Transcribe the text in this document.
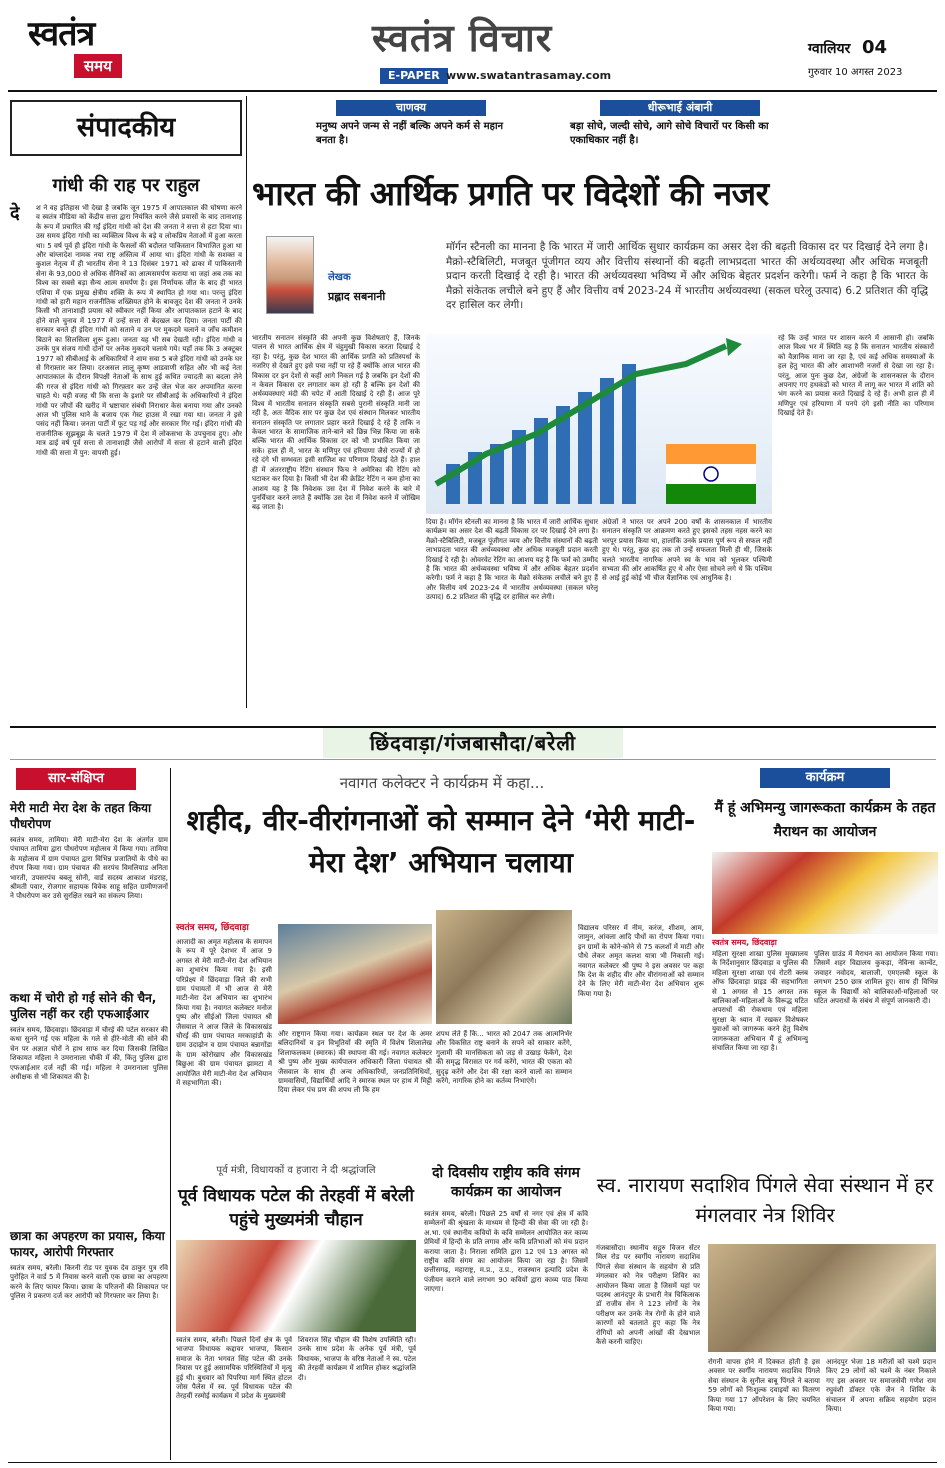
स्वतंत्र
समय
स्वतंत्र विचार
E-PAPER www.swatantrasamay.com
ग्वालियर 04
गुरुवार 10 अगस्त 2023
संपादकीय
गांधी की राह पर राहुल
दे	श ने वह इतिहास भी देखा है जबकि जून 1975 में आपातकाल की घोषणा करने व स्वतंत्र मीडिया को केंद्रीय सत्ता द्वारा नियंत्रित करने जैसे प्रयासों के बाद तानाशाह के रूप में प्रचारित की गईं इंदिरा गांधी को देश की जनता ने सत्ता से हटा दिया था। उस समय इंदिरा गांधी का व्यक्तित्व विश्व के बड़े व लोकप्रिय नेताओं में हुआ करता था। 5 वर्ष पूर्व ही इंदिरा गांधी के फैसलों की बदौलत पाकिस्तान विभाजित हुआ था और बांग्लादेश नामक नया राष्ट्र अस्तित्व में आया था। इंदिरा गांधी के सशक्त व कुशल नेतृत्व में ही भारतीय सेना ने 13 दिसंबर 1971 को ढाका में पाकिस्तानी सेना के 93,000 से अधिक सैनिकों का आत्मसमर्पण कराया था जहां अब तक का विश्व का सबसे बड़ा सैन्य आत्म समर्पण है। इस निर्णायक जीत के बाद ही भारत एशिया में एक प्रमुख क्षेत्रीय शक्ति के रूप में स्थापित हो गया था। परन्तु इंदिरा गांधी को हारी महान राजनीतिक शख्सियत होने के बावजूद देश की जनता ने उनके किसी भी तानाशाही प्रयास को स्वीकार नहीं किया और आपातकाल हटाने के बाद होने वाले चुनाव में 1977 में उन्हें सत्ता से बेदखल कर दिया। जनता पार्टी की सरकार बनते ही इंदिरा गांधी को सताने व उन पर मुकदमे चलाने व जाँच कमीशन बिठाने का सिलसिला शुरू हुआ। जनता यह भी सब देखती रही। इंदिरा गांधी व उनके पुत्र संजय गांधी दोनों पर अनेक मुकदमे चलाये गये। यहाँ तक कि 3 अक्टूबर 1977 को सीबीआई के अधिकारियों ने शाम सवा 5 बजे इंदिरा गांधी को उनके घर से गिरफ़्तार कर लिया। दरअसल लालू कृष्ण आडवाणी सहित और भी कई नेता आपातकाल के दौरान विपक्षी नेताओं के साथ हुई कथित ज्यादती का बदला लेने की गरज से इंदिरा गांधी को गिरफ़्तार कर उन्हें जेल भेज कर अपमानित करना चाहते थे। यही वजह थी कि सत्ता के इशारे पर सीबीआई के अधिकारियों ने इंदिरा गांधी पर जीपों की खरीद में भ्रष्टाचार संबंधी निराधार केस बनाया गया और उनको आज भी पुलिस थाने के बजाय एक गेस्ट हाउस में रखा गया था। जनता ने इसे पसंद नहीं किया। जनता पार्टी में फूट पड़ गई और सरकार गिर गई। इंदिरा गांधी की राजनीतिक सूझबूझ के चलते 1979 में देश में लोकसभा के उपचुनाव हुए। और मात्र ढाई वर्ष पूर्व सत्ता से तानाशाही जैसे आरोपों में सत्ता से हटाने वाली इंदिरा गांधी की सत्ता में पुन: वापसी हुई।
चाणक्य
मनुष्य अपने जन्म से नहीं बल्कि अपने कर्म से महान बनता है।
धीरूभाई अंबानी
बड़ा सोचे, जल्दी सोचे, आगे सोचे विचारों पर किसी का एकाधिकार नहीं है।
भारत की आर्थिक प्रगति पर विदेशों की नजर
लेखक
प्रह्लाद सबनानी
मॉर्गन स्टैनली का मानना है कि भारत में जारी आर्थिक सुधार कार्यक्रम का असर देश की बढ़ती विकास दर पर दिखाई देने लगा है। मैक्रो-स्टैबिलिटी, मजबूत पूंजीगत व्यय और वित्तीय संस्थानों की बढ़ती लाभप्रदता भारत की अर्थव्यवस्था और अधिक मजबूती प्रदान करती दिखाई दे रही है। भारत की अर्थव्यवस्था भविष्य में और अधिक बेहतर प्रदर्शन करेगी। फर्म ने कहा है कि भारत के मैक्रो संकेतक लचीले बने हुए हैं और वित्तीय वर्ष 2023-24 में भारतीय अर्थव्यवस्था (सकल घरेलू उत्पाद) 6.2 प्रतिशत की वृद्धि दर हासिल कर लेगी।
भारतीय सनातन संस्कृति की अपनी कुछ विशेषताएं हैं, जिनके पालन से भारत आर्थिक क्षेत्र में चंहुमुखी विकास करता दिखाई दे रहा है। परंतु, कुछ देश भारत की आर्थिक प्रगति को प्रतिस्पर्धा के नजरिए से देखते हुए इसे पचा नहीं पा रहे हैं क्योंकि आज भारत की विकास दर इन देशों से कहीं आगे निकल गई है जबकि इन देशों की न केवल विकास दर लगातार कम हो रही है बल्कि इन देशों की अर्थव्यवस्थाएं मंदी की चपेट में आती दिखाई दे रही हैं। आज पूरे विश्व में भारतीय सनातन संस्कृति सबसे पुरानी संस्कृति मानी जा रही है, अतः वैदिक सार पर कुछ देश एवं संस्थान मिलकर भारतीय सनातन संस्कृति पर लगातार प्रहार करते दिखाई दे रहे हैं ताकि न केवल भारत के सामाजिक ताने-बाने को छिन्न भिन्न किया जा सके बल्कि भारत की आर्थिक विकास दर को भी प्रभावित किया जा सके। हाल ही में, भारत के मणिपुर एवं हरियाणा जैसे राज्यों में हो रहे दंगे भी सम्भवतः इसी साजिश का परिणाम दिखाई देते हैं। हाल ही में अंतरराष्ट्रीय रेटिंग संस्थान फिच ने अमेरिका की रेटिंग को घटाकर कर दिया है। किसी भी देश की क्रेडिट रेटिंग न कम होना का आशय यह है कि निवेशक उस देश में निवेश करने के बारे में पुनर्विचार करने लगते हैं क्योंकि उस देश में निवेश करने में जोखिम बढ़ जाता है।
दिया है। मॉर्गन स्टैनली का मानना है कि भारत में जारी आर्थिक सुधार कार्यक्रम का असर देश की बढ़ती विकास दर पर दिखाई देने लगा है। मैक्रो-स्टैबिलिटी, मजबूत पूंजीगत व्यय और वित्तीय संस्थानों की बढ़ती लाभप्रदता भारत की अर्थव्यवस्था और अधिक मजबूती प्रदान करती दिखाई दे रही है। ओवरवेट रेटिंग का आशय यह है कि फर्म को उम्मीद है कि भारत की अर्थव्यवस्था भविष्य में और अधिक बेहतर प्रदर्शन करेगी। फर्म ने कहा है कि भारत के मैक्रो संकेतक लचीले बने हुए हैं और वित्तीय वर्ष 2023-24 में भारतीय अर्थव्यवस्था (सकल घरेलू उत्पाद) 6.2 प्रतिशत की वृद्धि दर हासिल कर लेगी।
अंग्रेजों ने भारत पर अपने 200 वर्षों के शासनकाल में भारतीय सनातन संस्कृति पर आक्रमण करते हुए इसको तहस नहस करने का भरपूर प्रयास किया था, हालांकि उनके प्रयास पूर्ण रूप से सफल नहीं हुए थे। परंतु, कुछ हद तक तो उन्हें सफलता मिली ही थी, जिसके चलते भारतीय नागरिक अपने स्व के भाव को भूलकर पश्चिमी सभ्यता की ओर आकर्षित हुए थे और ऐसा सोचने लगे थे कि पश्चिम से आई हुई कोई भी चीज वैज्ञानिक एवं आधुनिक है।
रहे कि उन्हें भारत पर शासन करने में आसानी हो। जबकि आज विश्व भर में स्थिति यह है कि सनातन भारतीय संस्कारों को वैज्ञानिक माना जा रहा है, एवं कई अधिक समस्याओं के हल हेतु भारत की ओर आशाभरी नजरों से देखा जा रहा है। परंतु, आज पुनः कुछ देश, अंग्रेजों के शासनकाल के दौरान अपनाए गए हथकंडों को भारत में लागू कर भारत में शांति को भंग करने का प्रयास करते दिखाई दे रहे हैं। अभी हाल ही में मणिपुर एवं हरियाणा में पनपे दंगे इसी नीति का परिणाम दिखाई देते हैं।
छिंदवाड़ा/गंजबासौदा/बरेली
सार-संक्षिप्त
मेरी माटी मेरा देश के तहत किया पौधरोपण
स्वतंत्र समय, तामिया। मेरी माटी-मेरा देश के अंतर्गत ग्राम पंचायत तामिया द्वारा पौधरोपण महोत्सव में किया गया। तामिया के महोत्सव में ग्राम पंचायत द्वारा विभिन्न प्रजातियों के पौधे का रोपण किया गया। ग्राम पंचायत की सरपंच विमलियाड अनिता भारती, उपसरपंच बबलू सोनी, वार्ड सदस्य आकाश मंडराह, श्रीमती पवार, रोजगार सहायक विवेक साहू सहित ग्रामीणजनों ने पौधरोपण कर उसे सुरक्षित रखने का संकल्प लिया।
कथा में चोरी हो गई सोने की चैन, पुलिस नहीं कर रही एफआईआर
स्वतंत्र समय, छिंदवाड़ा। छिंदवाड़ा में चौरई की पटेल सरकार की कथा सुनने गई एक महिला के गले से हीरे-मोती की सोने की चेन पर अज्ञात चोरों ने हाथ साफ कर दिया जिसकी लिखित शिकायत महिला ने उमरानाला चौकी में की, किंतु पुलिस द्वारा एफआईआर दर्ज नहीं की गई। महिला ने उमरानाला पुलिस अधीक्षक से भी शिकायत की है।
छात्रा का अपहरण का प्रयास, किया फायर, आरोपी गिरफ्तार
स्वतंत्र समय, बरेली। किरनी रोड पर युवक देव ठाकुर पुत्र रवि पुरोहित ने वार्ड 5 में निवास करने वाली एक छात्रा का अपहरण करने के लिए फायर किया। छात्रा के परिजनों की शिकायत पर पुलिस ने प्रकरण दर्ज कर आरोपी को गिरफ्तार कर लिया है।
नवागत कलेक्टर ने कार्यक्रम में कहा...
शहीद, वीर-वीरांगनाओं को सम्मान देने ‘मेरी माटी-मेरा देश’ अभियान चलाया
स्वतंत्र समय, छिंदवाड़ा
आजादी का अमृत महोत्सव के समापन के रूप में पूरे देशभर में आज 9 अगस्त से मेरी माटी-मेरा देश अभियान का शुभारंभ किया गया है। इसी परिप्रेक्ष्य में छिंदवाड़ा जिले की सभी ग्राम पंचायतों में भी आज से मेरी माटी-मेरा देश अभियान का शुभारंभ किया गया है। नवागत कलेक्टर मनोज पुष्प और सीईओ जिला पंचायत श्री जैसवाल ने आज जिले के विकासखंड चौरई की ग्राम पंचायत मरकाहांडी के ग्राम उदाढ़ोन व ग्राम पंचायत बन्नागोंडा के ग्राम कोरोखाप और विकासखंड बिछुआ की ग्राम पंचायत झामटा में आयोजित मेरी माटी-मेरा देश अभियान में सहभागिता की।
और राष्ट्रगान किया गया। कार्यक्रम स्थल पर देश के अमर बलिदानियों व इन विभूतियों की स्मृति में विशेष शिलालेख शिलाफलकम (स्मारक) की स्थापना की गई। नवागत कलेक्टर श्री पुष्प और मुख्य कार्यपालन अधिकारी जिला पंचायत श्री जैसवाल के साथ ही अन्य अधिकारियों, जनप्रतिनिधियों, ग्रामवासियों, विद्यार्थियों आदि ने स्मारक स्थल पर हाथ में मिट्टी दिया लेकर पंच प्रण की शपथ ली कि हम
शपथ लेते हैं कि... भारत को 2047 तक आत्मनिर्भर और विकसित राष्ट्र बनाने के सपने को साकार करेंगे, गुलामी की मानसिकता को जड़ से उखाड़ फेकेंगे, देश की समृद्ध विरासत पर गर्व करेंगे, भारत की एकता को सुदृढ़ करेंगे और देश की रक्षा करने वालों का सम्मान करेंगे, नागरिक होने का कर्तव्य निभाएंगे।
विद्यालय परिसर में नीम, करंज, शीशम, आम, जामुन, आंवला आदि पौधों का रोपण किया गया। इन ग्रामों के कोने-कोने से 75 कलशों में माटी और पौधे लेकर अमृत कलश यात्रा भी निकाली गई। नवागत कलेक्टर श्री पुष्प ने इस अवसर पर कहा कि देश के शहीद वीर और वीरांगनाओं को सम्मान देने के लिए मेरी माटी-मेरा देश अभियान शुरू किया गया है।
पूर्व मंत्री, विधायकों व हजारा ने दी श्रद्धांजलि
पूर्व विधायक पटेल की तेरहवीं में बरेली पहुंचे मुख्यमंत्री चौहान
स्वतंत्र समय, बरेली। पिछले दिनों क्षेत्र के पूर्व भाजपा विधायक कद्दावर भाजपा, किसान समाज के नेता भगवत सिंह पटेल की उनके निवास पर हुई असामयिक परिस्थितियों में मृत्यु हुई थी। बुधवार को पिपरिया मार्ग स्थित होटल जोस पैलेस में स्व. पूर्व विधायक पटेल की तेरहवीं रस्मोई कार्यक्रम में प्रदेश के मुख्यमंत्री
शिवराज सिंह चौहान की विशेष उपस्थिति रही। उनके साथ प्रदेश के अनेक पूर्व मंत्री, पूर्व विधायक, भाजपा के वरिष्ठ नेताओं ने स्व. पटेल की तेरहवीं कार्यक्रम में शामिल होकर श्रद्धांजलि दी।
दो दिवसीय राष्ट्रीय कवि संगम कार्यक्रम का आयोजन
स्वतंत्र समय, बरेली। पिछले 25 वर्षों से नगर एवं क्षेत्र में कवि सम्मेलनों की श्रृंखला के माध्यम से हिन्दी की सेवा की जा रही है। अ.भा. एवं स्थानीय कवियों के कवि सम्मेलन आयोजित कर काव्य प्रेमियों में हिन्दी के प्रति लगाव और कवि प्रतिभाओं को मंच प्रदान कराया जाता है। निराला समिति द्वारा 12 एवं 13 अगस्त को राष्ट्रीय कवि संगम का आयोजन किया जा रहा है। जिसमें छत्तीसगढ़, महाराष्ट्र, म.प्र., उ.प्र., राजस्थान इत्यादि प्रदेश के पंजीयन कराने वाले लगभग 90 कवियों द्वारा काव्य पाठ किया जाएगा।
कार्यक्रम
मैं हूं अभिमन्यु जागरूकता कार्यक्रम के तहत मैराथन का आयोजन
स्वतंत्र समय, छिंदवाड़ा
महिला सुरक्षा शाखा पुलिस मुख्यालय के निर्देशानुसार छिंदवाड़ा व पुलिस की महिला सुरक्षा शाखा एवं रोटरी क्लब ऑफ छिंदवाड़ा प्राइड की सहभागिता से 1 अगस्त से 15 अगस्त तक बालिकाओं-महिलाओं के विरूद्ध घटित अपराधों की रोकथाम एवं महिला सुरक्षा के ध्यान में रखकर विशेषकर युवाओं को जागरूक करने हेतु विशेष जागरूकता अभियान मैं हूं अभिमन्यु संचालित किया जा रहा है।
पुलिस ग्राउंड में मैराथन का आयोजन किया गया। जिसमें शहर विद्यालय कुकड़ा, नेविन्स कान्वेंट, जवाहर नवोदय, बालाजी, एमएलबी स्कूल के लगभग 250 छात्र शामिल हुए। साथ ही विभिन्न स्कूल के विद्यार्थी को बालिकाओं-महिलाओं पर घटित अपराधों के संबंध में संपूर्ण जानकारी दी।
स्व. नारायण सदाशिव पिंगले सेवा संस्थान में हर मंगलवार नेत्र शिविर
गंजबासौदा। स्थानीय सद्गुरु विजन सेंटर मिल रोड पर स्वर्गीय नारायण सदाशिव पिंगले सेवा संस्थान के सहयोग से प्रति मंगलवार को नेत्र परीक्षण शिविर का आयोजन किया जाता है जिसमें यहां पर पदस्थ आनंदपुर के प्रभारी नेत्र चिकित्सक डॉ राजीव सेन ने 123 लोगों के नेत्र परीक्षण कर उनके नेत्र रोगों के होने वाले कारणों को बतलाते हुए कहा कि नेत्र रोगियों को अपनी आंखों की देखभाल कैसे करनी चाहिए।
रोगनी वापस होने में दिक्कत होती है इस अवसर पर स्वर्गीय नारायण सदाशिव पिंगले सेवा संस्थान के सुनील बाबू पिंगले ने बताया 59 लोगों को निःशुल्क दवाइयों का वितरण किया गया 17 ऑपरेशन के लिए चयनित किया गया।
आनंदपुर भेजा 18 मरीजों को चश्मे प्रदान किए 29 लोगों को चश्मे के नंबर निकाले गए इस अवसर पर समाजसेवी गणेश राम रघुवंशी डॉक्टर एके जैन ने शिविर के संचालन में अपना सक्रिय सहयोग प्रदान किया।
